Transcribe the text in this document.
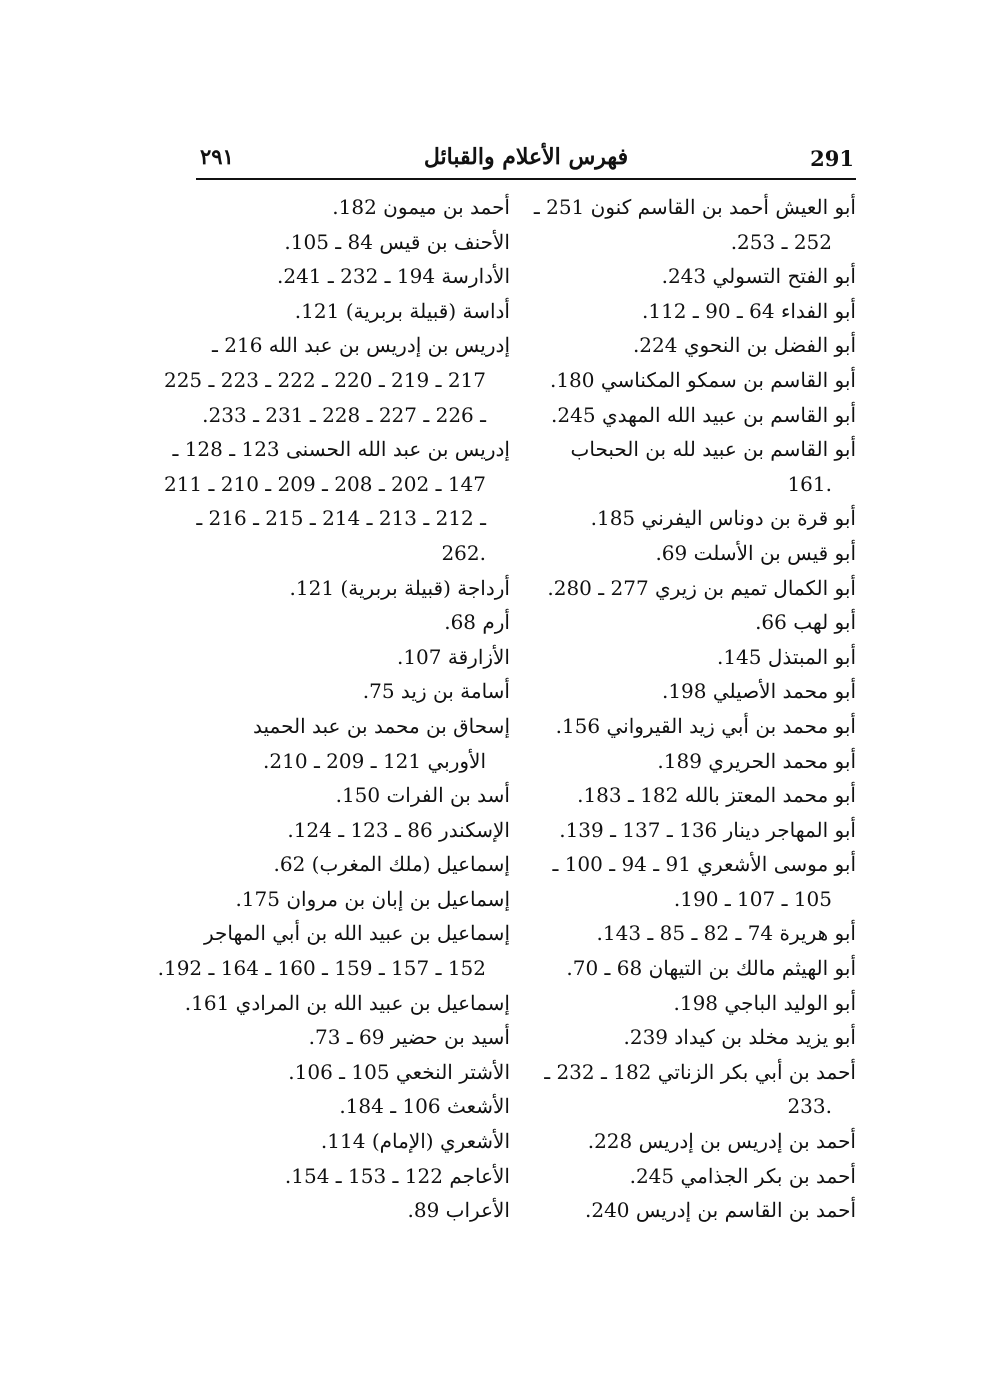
291
فهرس الأعلام والقبائل
٢٩١
أبو العيش أحمد بن القاسم كنون 251 ـ
252 ـ 253.
أبو الفتح التسولي 243.
أبو الفداء 64 ـ 90 ـ 112.
أبو الفضل بن النحوي 224.
أبو القاسم بن سمكو المكناسي 180.
أبو القاسم بن عبيد الله المهدي 245.
أبو القاسم بن عبيد لله بن الحبحاب
.161
أبو قرة بن دوناس اليفرني 185.
أبو قيس بن الأسلت 69.
أبو الكمال تميم بن زيري 277 ـ 280.
أبو لهب 66.
أبو المبتذل 145.
أبو محمد الأصيلي 198.
أبو محمد بن أبي زيد القيرواني 156.
أبو محمد الحريري 189.
أبو محمد المعتز بالله 182 ـ 183.
أبو المهاجر دينار 136 ـ 137 ـ 139.
أبو موسى الأشعري 91 ـ 94 ـ 100 ـ
105 ـ 107 ـ 190.
أبو هريرة 74 ـ 82 ـ 85 ـ 143.
أبو الهيثم مالك بن التيهان 68 ـ 70.
أبو الوليد الباجي 198.
أبو يزيد مخلد بن كيداد 239.
أحمد بن أبي بكر الزناتي 182 ـ 232 ـ
.233
أحمد بن إدريس بن إدريس 228.
أحمد بن بكر الجذامي 245.
أحمد بن القاسم بن إدريس 240.
أحمد بن ميمون 182.
الأحنف بن قيس 84 ـ 105.
الأدارسة 194 ـ 232 ـ 241.
أداسة (قبيلة بربرية) 121.
إدريس بن إدريس بن عبد الله 216 ـ
217 ـ 219 ـ 220 ـ 222 ـ 223 ـ 225
ـ 226 ـ 227 ـ 228 ـ 231 ـ 233.
إدريس بن عبد الله الحسنى 123 ـ 128 ـ
147 ـ 202 ـ 208 ـ 209 ـ 210 ـ 211
ـ 212 ـ 213 ـ 214 ـ 215 ـ 216 ـ
.262
أرداجة (قبيلة بربرية) 121.
أرم 68.
الأزارقة 107.
أسامة بن زيد 75.
إسحاق بن محمد بن عبد الحميد
الأوربي 121 ـ 209 ـ 210.
أسد بن الفرات 150.
الإسكندر 86 ـ 123 ـ 124.
إسماعيل (ملك المغرب) 62.
إسماعيل بن إبان بن مروان 175.
إسماعيل بن عبيد الله بن أبي المهاجر
152 ـ 157 ـ 159 ـ 160 ـ 164 ـ 192.
إسماعيل بن عبيد الله بن المرادي 161.
أسيد بن حضير 69 ـ 73.
الأشتر النخعي 105 ـ 106.
الأشعث 106 ـ 184.
الأشعري (الإمام) 114.
الأعاجم 122 ـ 153 ـ 154.
الأعراب 89.
